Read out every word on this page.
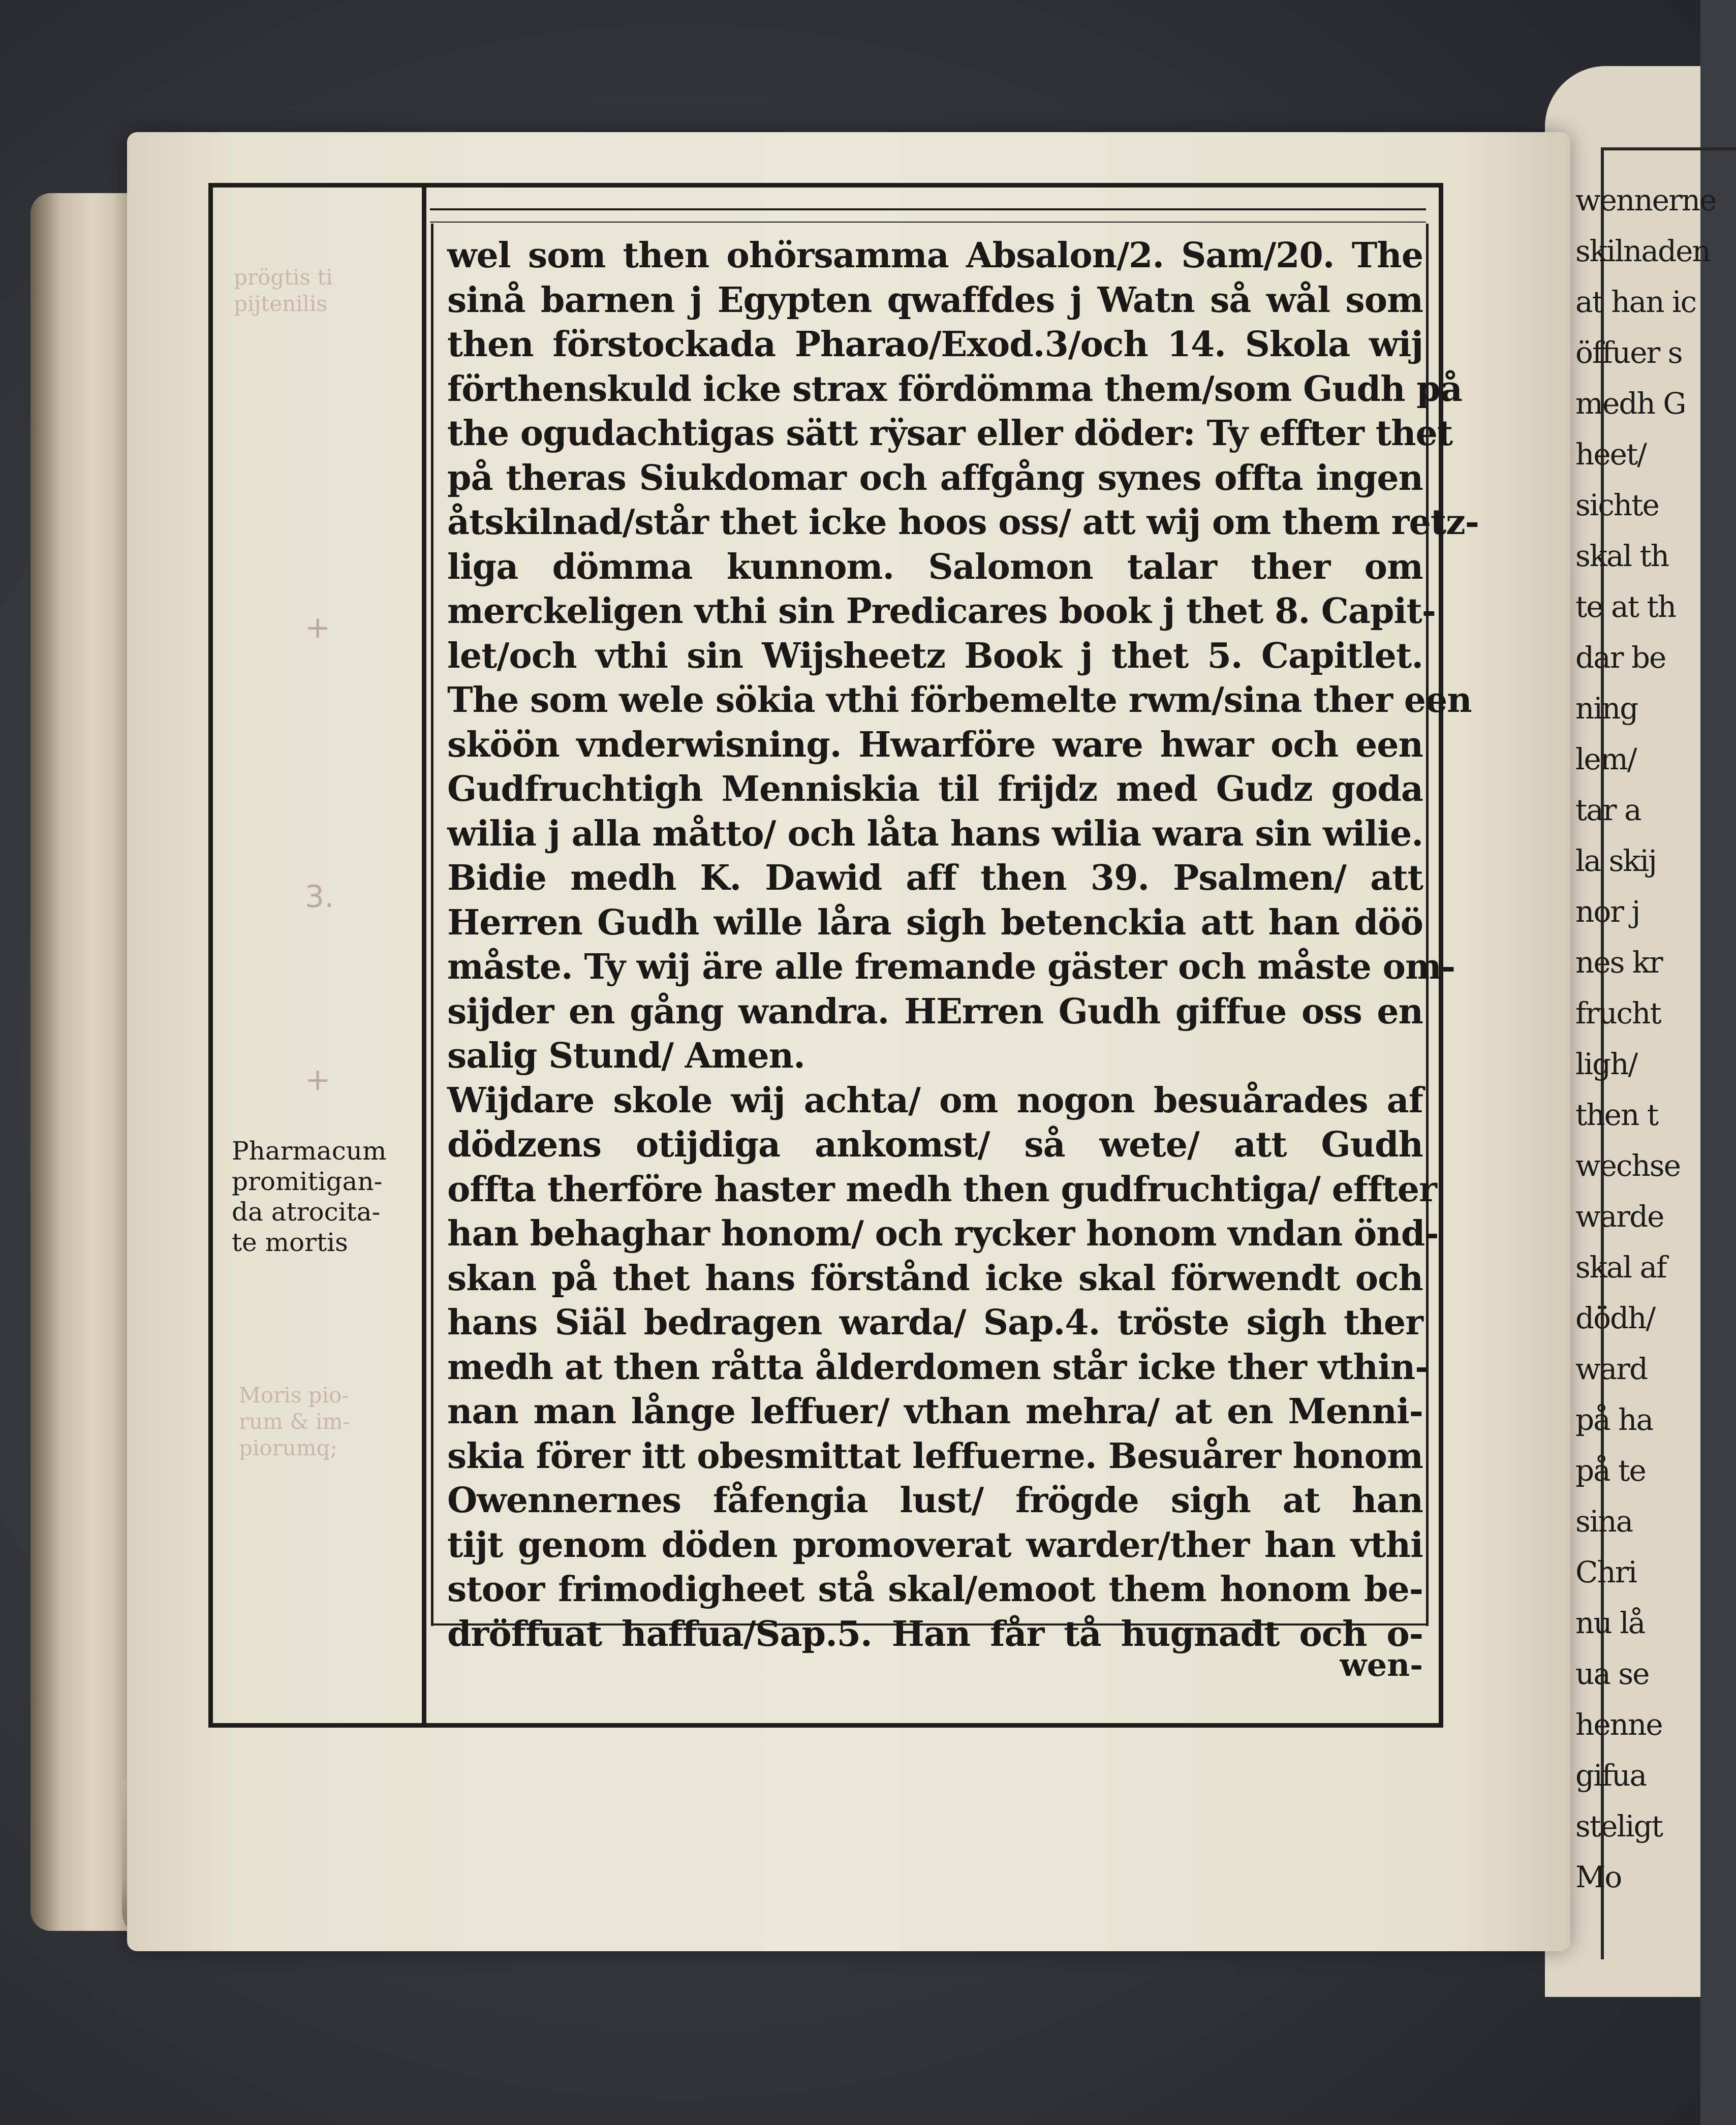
wennerne
skilnaden
at han ic
öffuer s
medh G
heet/
sichte
skal th
te at th
dar be
ning
lem/
tar a
la skij
nor j
nes kr
frucht
ligh/
then t
wechse
warde
skal af
dödh/
ward
på ha
på te
sina
Chri
nu lå
ua se
henne
gifua
steligt
Mo
prögtis ti
pijtenilis
Moris pio-
rum & im-
piorumq;
+
3.
+
Pharmacum
promitigan-
da atrocita-
te mortis
wel som then ohörsamma Absalon/2. Sam/20. The
sinå barnen j Egypten qwaffdes j Watn så wål som
then förstockada Pharao/Exod.3/och 14. Skola wij
förthenskuld icke strax fördömma them/som Gudh på
the ogudachtigas sätt rÿsar eller döder: Ty effter thet
på theras Siukdomar och affgång synes offta ingen
åtskilnad/står thet icke hoos oss/ att wij om them retz-
liga dömma kunnom. Salomon talar ther om
merckeligen vthi sin Predicares book j thet 8. Capit-
let/och vthi sin Wijsheetz Book j thet 5. Capitlet.
The som wele sökia vthi förbemelte rwm/sina ther een
sköön vnderwisning. Hwarföre ware hwar och een
Gudfruchtigh Menniskia til frijdz med Gudz goda
wilia j alla måtto/ och låta hans wilia wara sin wilie.
Bidie medh K. Dawid aff then 39. Psalmen/ att
Herren Gudh wille låra sigh betenckia att han döö
måste. Ty wij äre alle fremande gäster och måste om-
sijder en gång wandra. HErren Gudh giffue oss en
salig Stund/ Amen.
Wijdare skole wij achta/ om nogon besuårades af
dödzens otijdiga ankomst/ så wete/ att Gudh
offta therföre haster medh then gudfruchtiga/ effter
han behaghar honom/ och rycker honom vndan önd-
skan på thet hans förstånd icke skal förwendt och
hans Siäl bedragen warda/ Sap.4. tröste sigh ther
medh at then råtta ålderdomen står icke ther vthin-
nan man långe leffuer/ vthan mehra/ at en Menni-
skia förer itt obesmittat leffuerne. Besuårer honom
Owennernes fåfengia lust/ frögde sigh at han
tijt genom döden promoverat warder/ther han vthi
stoor frimodigheet stå skal/emoot them honom be-
dröffuat haffua/Sap.5. Han får tå hugnadt och o-
wen-
